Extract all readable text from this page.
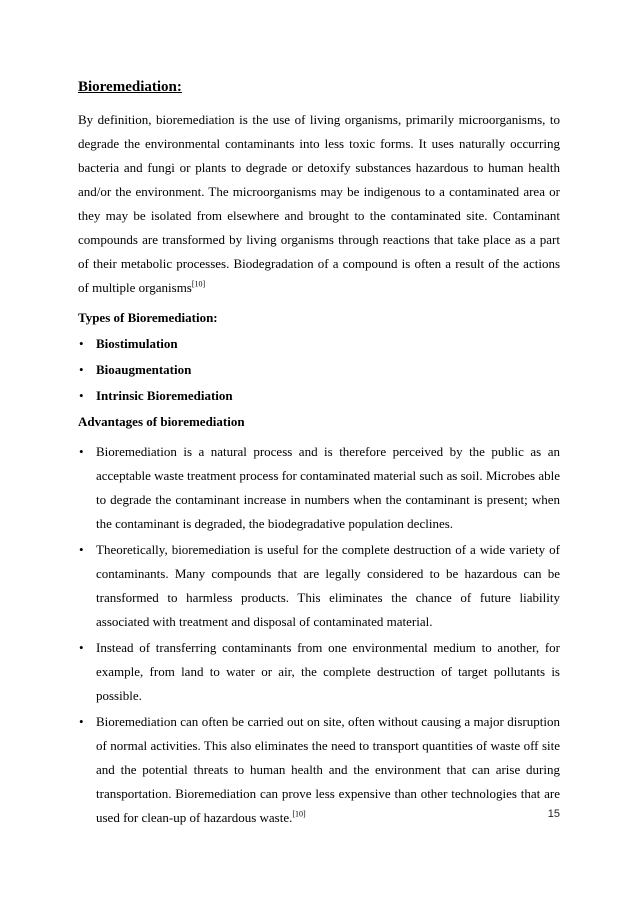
Bioremediation:

By definition, bioremediation is the use of living organisms, primarily microorganisms, to degrade the environmental contaminants into less toxic forms. It uses naturally occurring bacteria and fungi or plants to degrade or detoxify substances hazardous to human health and/or the environment. The microorganisms may be indigenous to a contaminated area or they may be isolated from elsewhere and brought to the contaminated site. Contaminant compounds are transformed by living organisms through reactions that take place as a part of their metabolic processes. Biodegradation of a compound is often a result of the actions of multiple organisms[10]

Types of Bioremediation:
• Biostimulation
• Bioaugmentation
• Intrinsic Bioremediation
Advantages of bioremediation
• Bioremediation is a natural process and is therefore perceived by the public as an acceptable waste treatment process for contaminated material such as soil. Microbes able to degrade the contaminant increase in numbers when the contaminant is present; when the contaminant is degraded, the biodegradative population declines.
• Theoretically, bioremediation is useful for the complete destruction of a wide variety of contaminants. Many compounds that are legally considered to be hazardous can be transformed to harmless products. This eliminates the chance of future liability associated with treatment and disposal of contaminated material.
• Instead of transferring contaminants from one environmental medium to another, for example, from land to water or air, the complete destruction of target pollutants is possible.
• Bioremediation can often be carried out on site, often without causing a major disruption of normal activities. This also eliminates the need to transport quantities of waste off site and the potential threats to human health and the environment that can arise during transportation. Bioremediation can prove less expensive than other technologies that are used for clean-up of hazardous waste.[10]	15
